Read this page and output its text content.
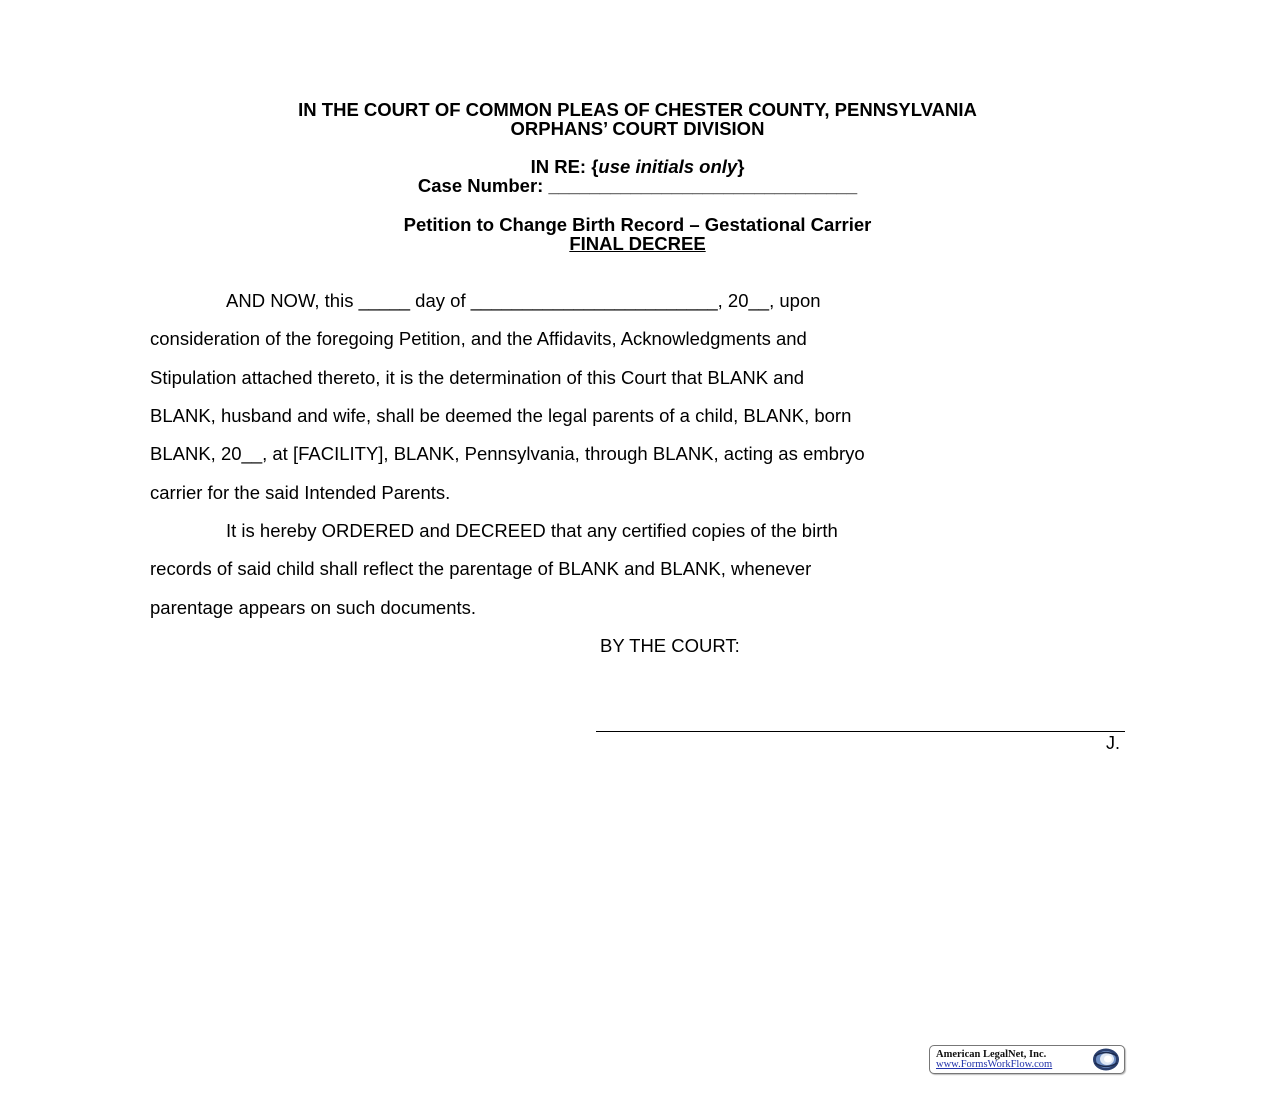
IN THE COURT OF COMMON PLEAS OF CHESTER COUNTY, PENNSYLVANIA
ORPHANS’ COURT DIVISION
IN RE: {use initials only}
Case Number: ______________________________
Petition to Change Birth Record – Gestational Carrier
FINAL DECREE
AND NOW, this _____ day of ________________________, 20__, upon
consideration of the foregoing Petition, and the Affidavits, Acknowledgments and
Stipulation attached thereto, it is the determination of this Court that BLANK and
BLANK, husband and wife, shall be deemed the legal parents of a child, BLANK, born
BLANK, 20__, at [FACILITY], BLANK, Pennsylvania, through BLANK, acting as embryo
carrier for the said Intended Parents.
It is hereby ORDERED and DECREED that any certified copies of the birth
records of said child shall reflect the parentage of BLANK and BLANK, whenever
parentage appears on such documents.
BY THE COURT:
J.
American LegalNet, Inc.
www.FormsWorkFlow.com
